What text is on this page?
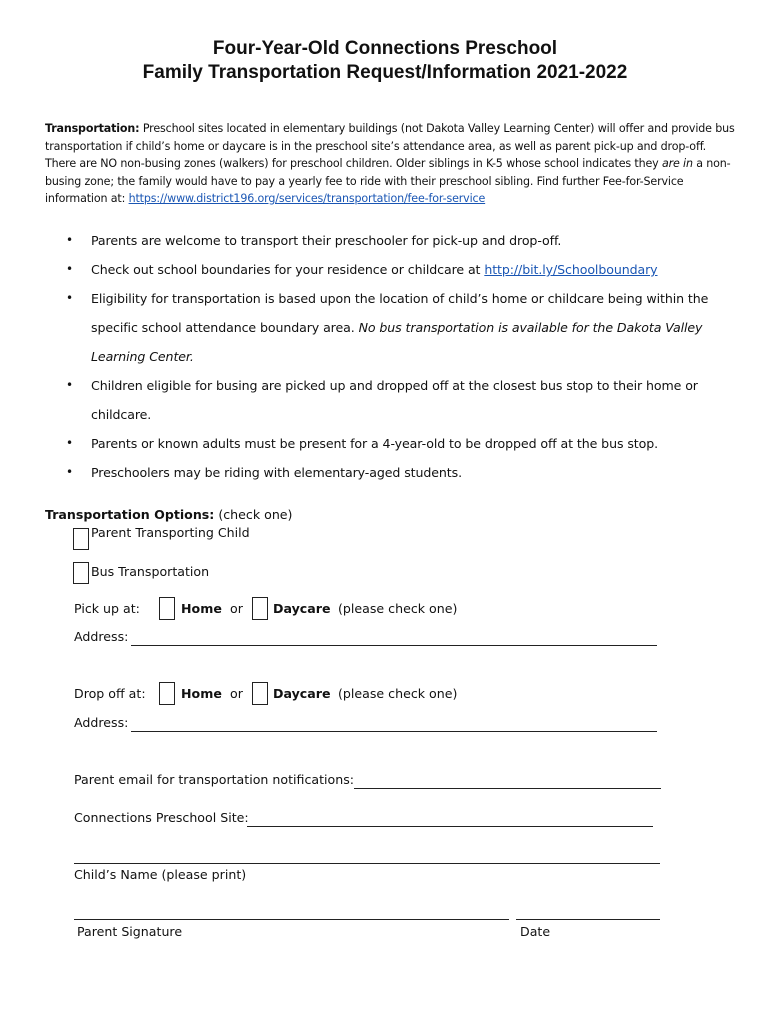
Four-Year-Old Connections Preschool
Family Transportation Request/Information 2021-2022
Transportation: Preschool sites located in elementary buildings (not Dakota Valley Learning Center) will offer and provide bus transportation if child’s home or daycare is in the preschool site’s attendance area, as well as parent pick-up and drop-off. There are NO non-busing zones (walkers) for preschool children. Older siblings in K-5 whose school indicates they are in a non-busing zone; the family would have to pay a yearly fee to ride with their preschool sibling. Find further Fee-for-Service information at: https://www.district196.org/services/transportation/fee-for-service
• Parents are welcome to transport their preschooler for pick-up and drop-off.
• Check out school boundaries for your residence or childcare at http://bit.ly/Schoolboundary
• Eligibility for transportation is based upon the location of child’s home or childcare being within the specific school attendance boundary area. No bus transportation is available for the Dakota Valley Learning Center.
• Children eligible for busing are picked up and dropped off at the closest bus stop to their home or childcare.
• Parents or known adults must be present for a 4-year-old to be dropped off at the bus stop.
• Preschoolers may be riding with elementary-aged students.
Transportation Options: (check one)
Parent Transporting Child
Bus Transportation
Pick up at:	Home or Daycare (please check one)
Address:
Drop off at:	Home or Daycare (please check one)
Address:
Parent email for transportation notifications:
Connections Preschool Site:
Child’s Name (please print)
Parent Signature	Date
